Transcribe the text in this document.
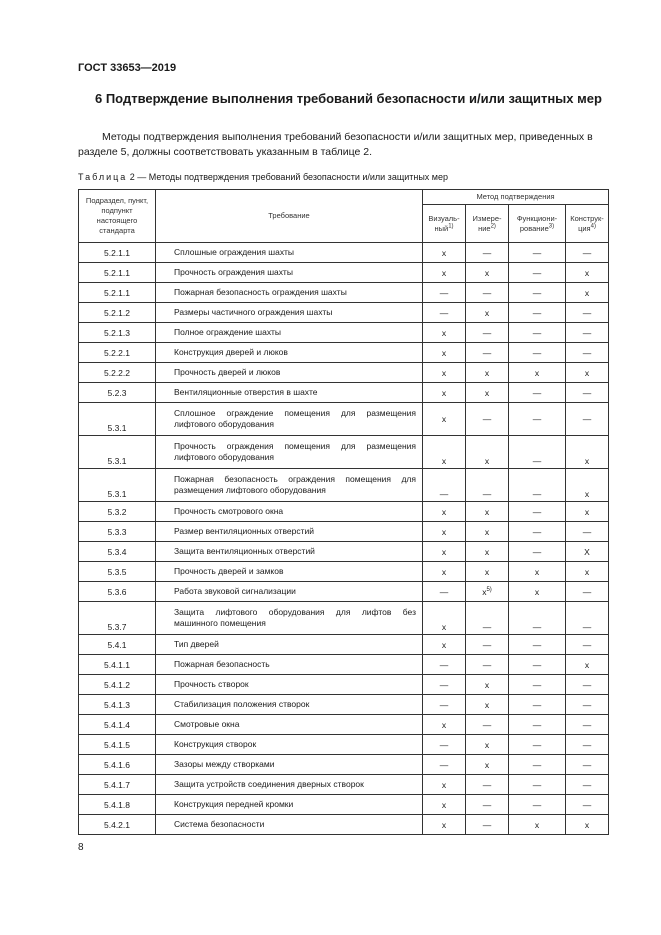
ГОСТ 33653—2019
6 Подтверждение выполнения требований безопасности и/или защитных мер
Методы подтверждения выполнения требований безопасности и/или защитных мер, приведенных в разделе 5, должны соответствовать указанным в таблице 2.
Таблица 2 — Методы подтверждения требований безопасности и/или защитных мер
Подраздел, пункт, подпункт настоящего стандарта	Требование	Метод подтверждения			
		Визуаль-ный$^{1)}$	Измере-ние$^{2)}$	Функциони-рование$^{3)}$	Конструк-ция$^{4)}$
5.2.1.1	Сплошные ограждения шахты	x	—	—	—
5.2.1.1	Прочность ограждения шахты	x	x	—	x
5.2.1.1	Пожарная безопасность ограждения шахты	—	—	—	x
5.2.1.2	Размеры частичного ограждения шахты	—	x	—	—
5.2.1.3	Полное ограждение шахты	x	—	—	—
5.2.2.1	Конструкция дверей и люков	x	—	—	—
5.2.2.2	Прочность дверей и люков	x	x	x	x
5.2.3	Вентиляционные отверстия в шахте	x	x	—	—
5.3.1	Сплошное ограждение помещения для размещения лифтового оборудования	x	—	—	—
5.3.1	Прочность ограждения помещения для размещения лифтового оборудования	x	x	—	x
5.3.1	Пожарная безопасность ограждения помещения для размещения лифтового оборудования	—	—	—	x
5.3.2	Прочность смотрового окна	x	x	—	x
5.3.3	Размер вентиляционных отверстий	x	x	—	—
5.3.4	Защита вентиляционных отверстий	x	x	—	X
5.3.5	Прочность дверей и замков	x	x	x	x
5.3.6	Работа звуковой сигнализации	—	$x^{5)}$	x	—
5.3.7	Защита лифтового оборудования для лифтов без машинного помещения	x	—	—	—
5.4.1	Тип дверей	x	—	—	—
5.4.1.1	Пожарная безопасность	—	—	—	x
5.4.1.2	Прочность створок	—	x	—	—
5.4.1.3	Стабилизация положения створок	—	x	—	—
5.4.1.4	Смотровые окна	x	—	—	—
5.4.1.5	Конструкция створок	—	x	—	—
5.4.1.6	Зазоры между створками	—	x	—	—
5.4.1.7	Защита устройств соединения дверных створок	x	—	—	—
5.4.1.8	Конструкция передней кромки	x	—	—	—
5.4.2.1	Система безопасности	x	—	x	x
8
